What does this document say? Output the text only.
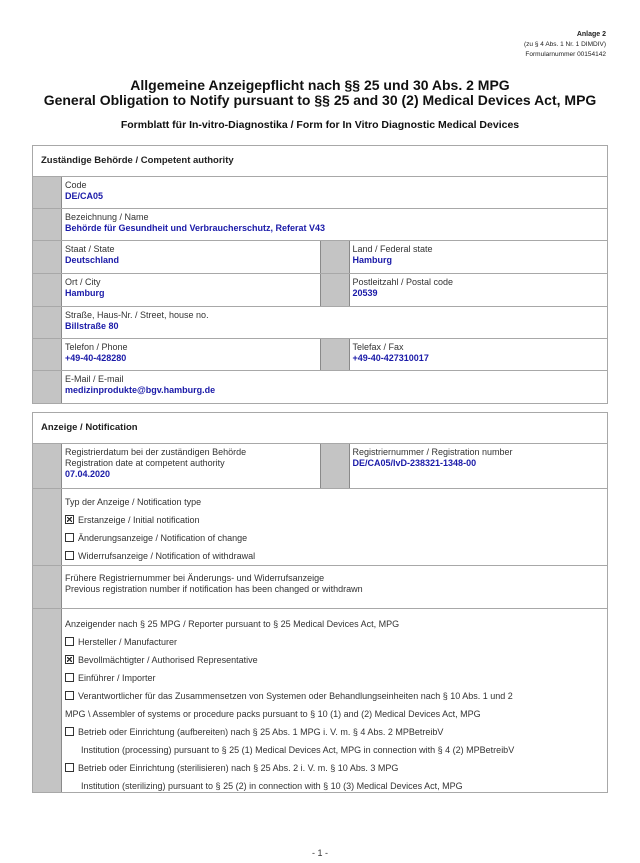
Anlage 2
(zu § 4 Abs. 1 Nr. 1 DIMDIV)
Formularnummer 00154142
Allgemeine Anzeigepflicht nach §§ 25 und 30 Abs. 2 MPG
General Obligation to Notify pursuant to §§ 25 and 30 (2) Medical Devices Act, MPG
Formblatt für In-vitro-Diagnostika / Form for In Vitro Diagnostic Medical Devices
Zuständige Behörde / Competent authority
Code
DE/CA05
Bezeichnung / Name
Behörde für Gesundheit und Verbraucherschutz, Referat V43
Staat / State
Deutschland
Land / Federal state
Hamburg
Ort / City
Hamburg
Postleitzahl / Postal code
20539
Straße, Haus-Nr. / Street, house no.
Billstraße 80
Telefon / Phone
+49-40-428280
Telefax / Fax
+49-40-427310017
E-Mail / E-mail
medizinprodukte@bgv.hamburg.de
Anzeige / Notification
Registrierdatum bei der zuständigen Behörde
Registration date at competent authority
07.04.2020
Registriernummer / Registration number
DE/CA05/IvD-238321-1348-00
Typ der Anzeige / Notification type
Erstanzeige / Initial notification
Änderungsanzeige / Notification of change
Widerrufsanzeige / Notification of withdrawal
Frühere Registriernummer bei Änderungs- und Widerrufsanzeige
Previous registration number if notification has been changed or withdrawn
Anzeigender nach § 25 MPG / Reporter pursuant to § 25 Medical Devices Act, MPG
Hersteller / Manufacturer
Bevollmächtigter / Authorised Representative
Einführer / Importer
Verantwortlicher für das Zusammensetzen von Systemen oder Behandlungseinheiten nach § 10 Abs. 1 und 2
MPG \ Assembler of systems or procedure packs pursuant to § 10 (1) and (2) Medical Devices Act, MPG
Betrieb oder Einrichtung (aufbereiten) nach § 25 Abs. 1 MPG i. V. m. § 4 Abs. 2 MPBetreibV
Institution (processing) pursuant to § 25 (1) Medical Devices Act, MPG in connection with § 4 (2) MPBetreibV
Betrieb oder Einrichtung (sterilisieren) nach § 25 Abs. 2 i. V. m. § 10 Abs. 3 MPG
Institution (sterilizing) pursuant to § 25 (2) in connection with § 10 (3) Medical Devices Act, MPG
- 1 -
